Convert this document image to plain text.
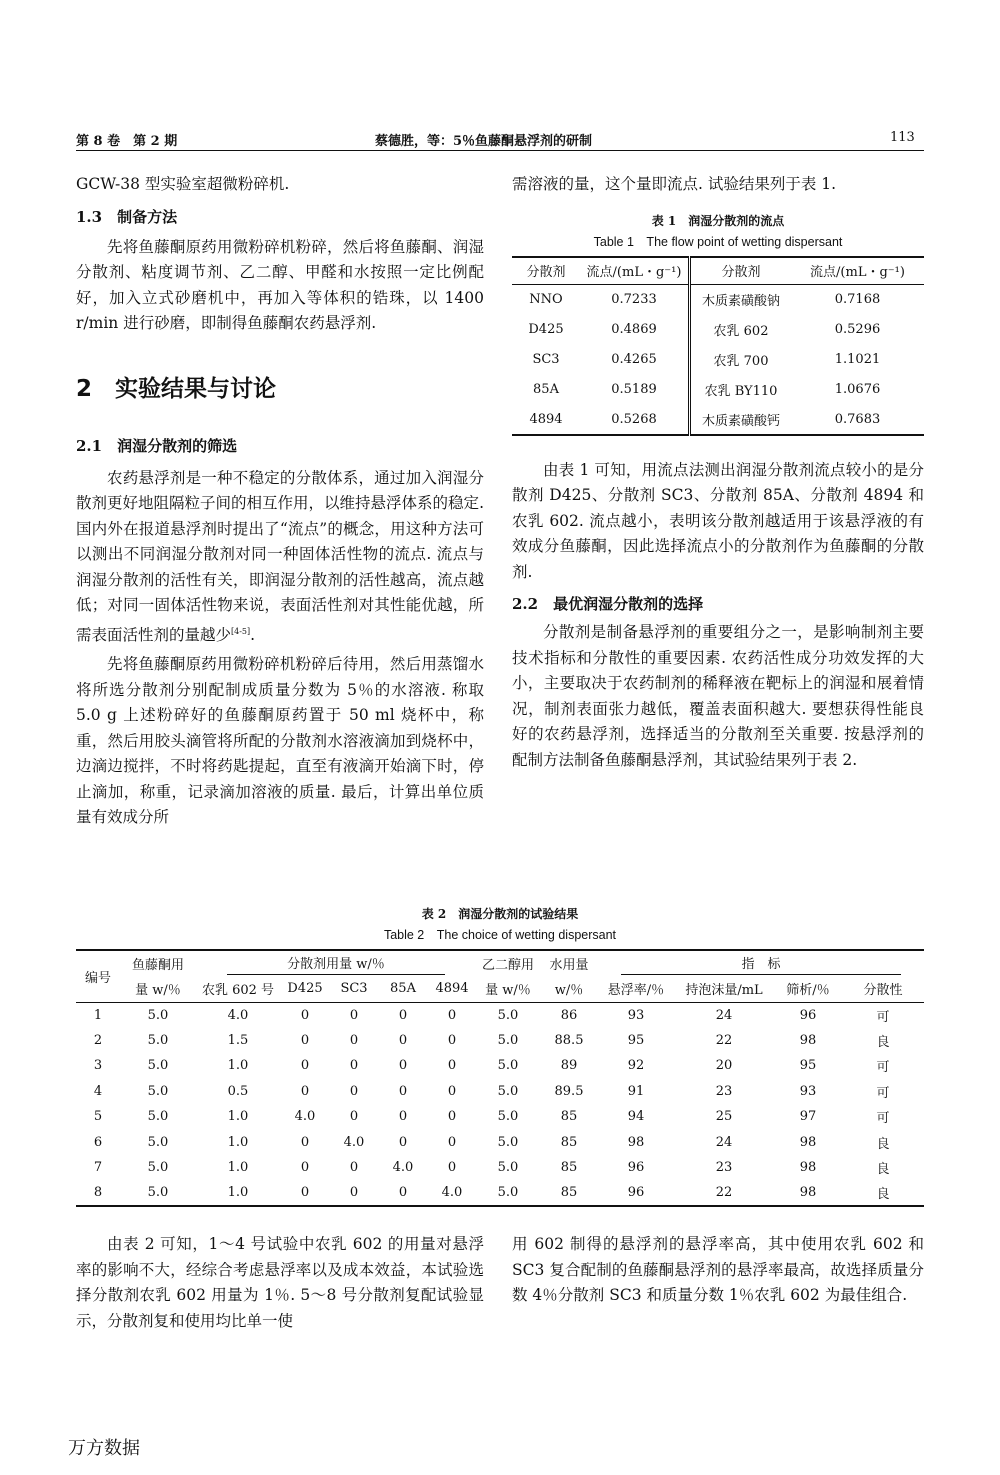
第 8 卷　第 2 期	蔡德胜，等：5％鱼藤酮悬浮剂的研制	113
GCW-38 型实验室超微粉碎机.
1.3　制备方法
先将鱼藤酮原药用微粉碎机粉碎，然后将鱼藤酮、润湿分散剂、粘度调节剂、乙二醇、甲醛和水按照一定比例配好，加入立式砂磨机中，再加入等体积的锆珠，以 1400 r/min 进行砂磨，即制得鱼藤酮农药悬浮剂.
2　实验结果与讨论
2.1　润湿分散剂的筛选
农药悬浮剂是一种不稳定的分散体系，通过加入润湿分散剂更好地阻隔粒子间的相互作用，以维持悬浮体系的稳定. 国内外在报道悬浮剂时提出了“流点”的概念，用这种方法可以测出不同润湿分散剂对同一种固体活性物的流点. 流点与润湿分散剂的活性有关，即润湿分散剂的活性越高，流点越低；对同一固体活性物来说，表面活性剂对其性能优越，所需表面活性剂的量越少[4-5].
先将鱼藤酮原药用微粉碎机粉碎后待用，然后用蒸馏水将所选分散剂分别配制成质量分数为 5％的水溶液. 称取 5.0 g 上述粉碎好的鱼藤酮原药置于 50 ml 烧杯中，称重，然后用胶头滴管将所配的分散剂水溶液滴加到烧杯中，边滴边搅拌，不时将药匙提起，直至有液滴开始滴下时，停止滴加，称重，记录滴加溶液的质量. 最后，计算出单位质量有效成分所
需溶液的量，这个量即流点. 试验结果列于表 1.
表 1　润湿分散剂的流点
Table 1　The flow point of wetting dispersant
分散剂	流点/(mL・g⁻¹)	分散剂	流点/(mL・g⁻¹)
NNO	0.7233	木质素磺酸钠	0.7168
D425	0.4869	农乳 602	0.5296
SC3	0.4265	农乳 700	1.1021
85A	0.5189	农乳 BY110	1.0676
4894	0.5268	木质素磺酸钙	0.7683
由表 1 可知，用流点法测出润湿分散剂流点较小的是分散剂 D425、分散剂 SC3、分散剂 85A、分散剂 4894 和农乳 602. 流点越小，表明该分散剂越适用于该悬浮液的有效成分鱼藤酮，因此选择流点小的分散剂作为鱼藤酮的分散剂.
2.2　最优润湿分散剂的选择
分散剂是制备悬浮剂的重要组分之一，是影响制剂主要技术指标和分散性的重要因素. 农药活性成分功效发挥的大小，主要取决于农药制剂的稀释液在靶标上的润湿和展着情况，制剂表面张力越低，覆盖表面积越大. 要想获得性能良好的农药悬浮剂，选择适当的分散剂至关重要. 按悬浮剂的配制方法制备鱼藤酮悬浮剂，其试验结果列于表 2.
表 2　润湿分散剂的试验结果
Table 2　The choice of wetting dispersant
编号	鱼藤酮用	分散剂用量 w/％					乙二醇用	水用量	指　标			
	量 w/％	农乳 602 号	D425	SC3	85A	4894	量 w/％	w/％	悬浮率/％	持泡沫量/mL	筛析/％	分散性
1	5.0	4.0	0	0	0	0	5.0	86	93	24	96	可
2	5.0	1.5	0	0	0	0	5.0	88.5	95	22	98	良
3	5.0	1.0	0	0	0	0	5.0	89	92	20	95	可
4	5.0	0.5	0	0	0	0	5.0	89.5	91	23	93	可
5	5.0	1.0	4.0	0	0	0	5.0	85	94	25	97	可
6	5.0	1.0	0	4.0	0	0	5.0	85	98	24	98	良
7	5.0	1.0	0	0	4.0	0	5.0	85	96	23	98	良
8	5.0	1.0	0	0	0	4.0	5.0	85	96	22	98	良
由表 2 可知，1～4 号试验中农乳 602 的用量对悬浮率的影响不大，经综合考虑悬浮率以及成本效益，本试验选择分散剂农乳 602 用量为 1％. 5～8 号分散剂复配试验显示，分散剂复和使用均比单一使
用 602 制得的悬浮剂的悬浮率高，其中使用农乳 602 和 SC3 复合配制的鱼藤酮悬浮剂的悬浮率最高，故选择质量分数 4％分散剂 SC3 和质量分数 1％农乳 602 为最佳组合.
万方数据
